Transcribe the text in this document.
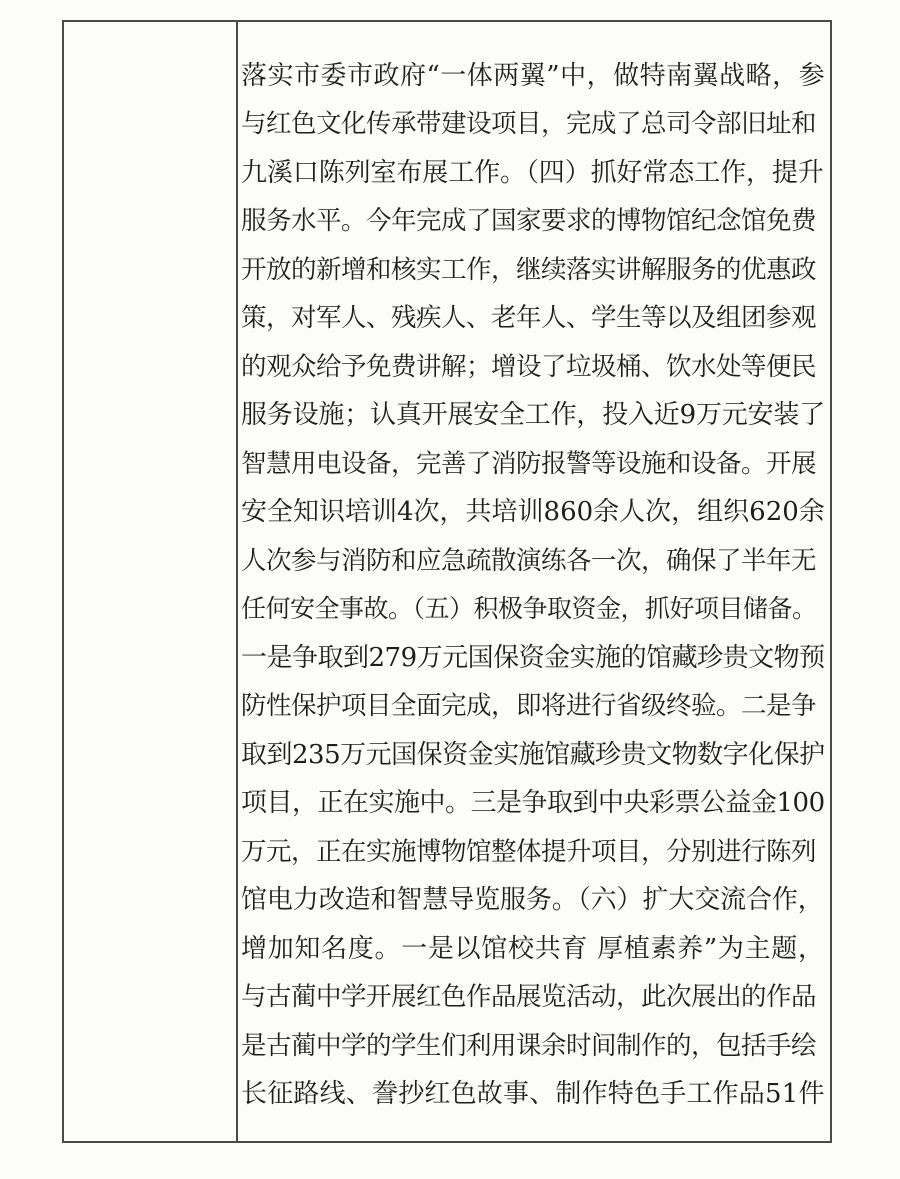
落实市委市政府“一体两翼”中，做特南翼战略，参
与红色文化传承带建设项目，完成了总司令部旧址和
九溪口陈列室布展工作。（四）抓好常态工作，提升
服务水平。今年完成了国家要求的博物馆纪念馆免费
开放的新增和核实工作，继续落实讲解服务的优惠政
策，对军人、残疾人、老年人、学生等以及组团参观
的观众给予免费讲解；增设了垃圾桶、饮水处等便民
服务设施；认真开展安全工作，投入近9万元安装了
智慧用电设备，完善了消防报警等设施和设备。开展
安全知识培训4次，共培训860余人次，组织620余
人次参与消防和应急疏散演练各一次，确保了半年无
任何安全事故。（五）积极争取资金，抓好项目储备。
一是争取到279万元国保资金实施的馆藏珍贵文物预
防性保护项目全面完成，即将进行省级终验。二是争
取到235万元国保资金实施馆藏珍贵文物数字化保护
项目，正在实施中。三是争取到中央彩票公益金100
万元，正在实施博物馆整体提升项目，分别进行陈列
馆电力改造和智慧导览服务。（六）扩大交流合作，
增加知名度。一是以馆校共育 厚植素养”为主题，
与古蔺中学开展红色作品展览活动，此次展出的作品
是古蔺中学的学生们利用课余时间制作的，包括手绘
长征路线、誊抄红色故事、制作特色手工作品51件
